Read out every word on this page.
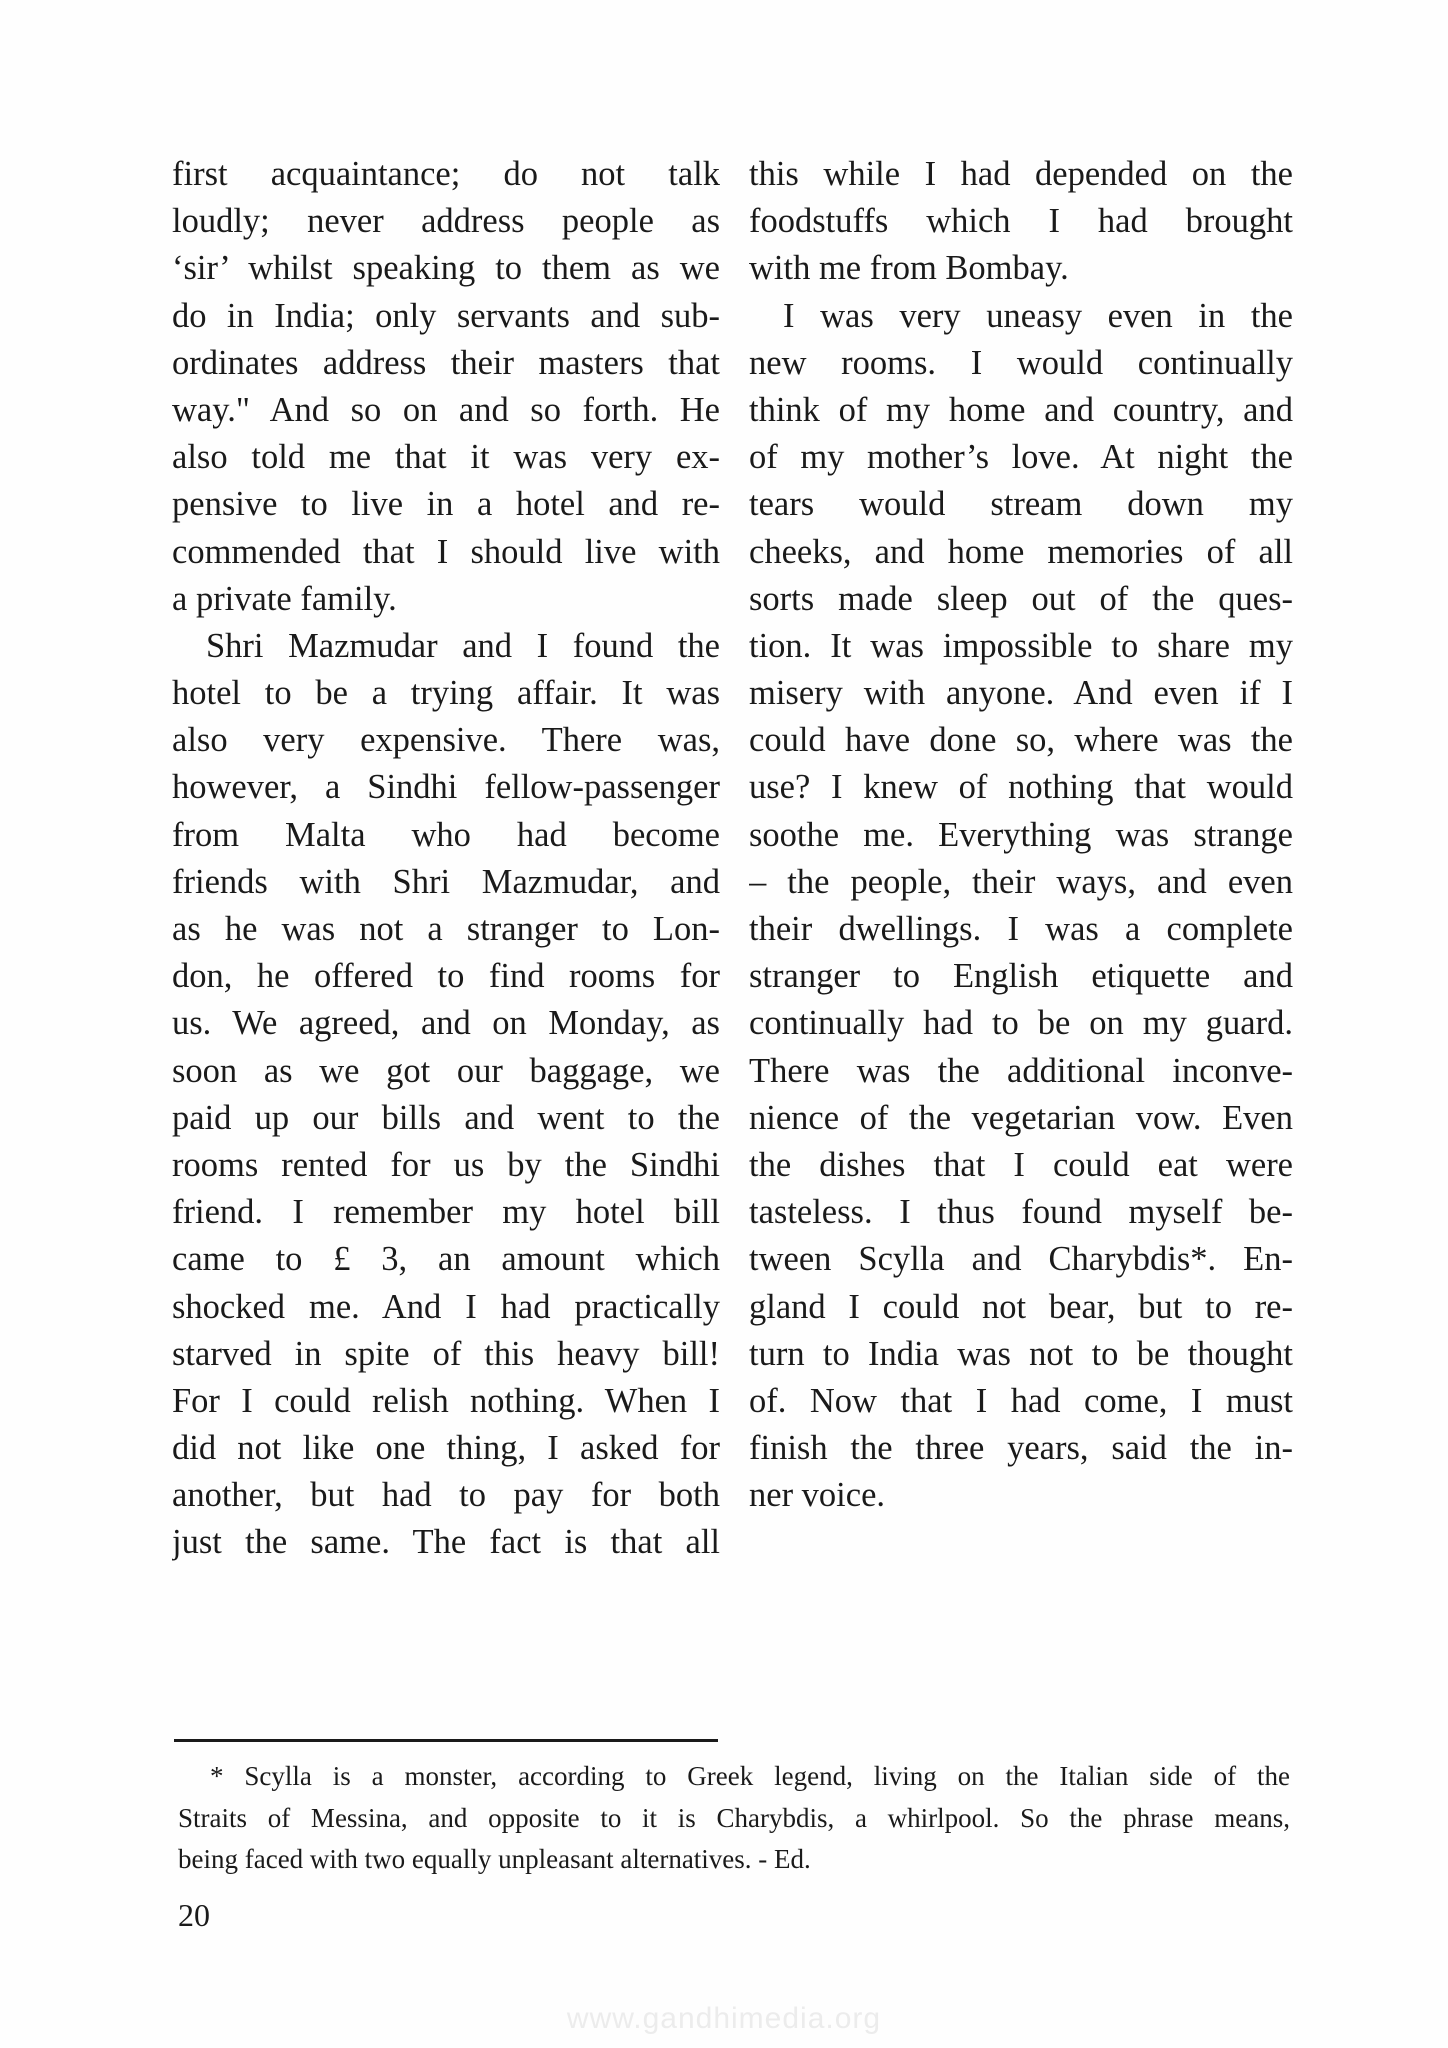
first acquaintance; do not talk
loudly; never address people as
‘sir’ whilst speaking to them as we
do in India; only servants and sub-
ordinates address their masters that
way." And so on and so forth. He
also told me that it was very ex-
pensive to live in a hotel and re-
commended that I should live with
a private family.
Shri Mazmudar and I found the
hotel to be a trying affair. It was
also very expensive. There was,
however, a Sindhi fellow-passenger
from Malta who had become
friends with Shri Mazmudar, and
as he was not a stranger to Lon-
don, he offered to find rooms for
us. We agreed, and on Monday, as
soon as we got our baggage, we
paid up our bills and went to the
rooms rented for us by the Sindhi
friend. I remember my hotel bill
came to £ 3, an amount which
shocked me. And I had practically
starved in spite of this heavy bill!
For I could relish nothing. When I
did not like one thing, I asked for
another, but had to pay for both
just the same. The fact is that all
this while I had depended on the
foodstuffs which I had brought
with me from Bombay.
I was very uneasy even in the
new rooms. I would continually
think of my home and country, and
of my mother’s love. At night the
tears would stream down my
cheeks, and home memories of all
sorts made sleep out of the ques-
tion. It was impossible to share my
misery with anyone. And even if I
could have done so, where was the
use? I knew of nothing that would
soothe me. Everything was strange
– the people, their ways, and even
their dwellings. I was a complete
stranger to English etiquette and
continually had to be on my guard.
There was the additional inconve-
nience of the vegetarian vow. Even
the dishes that I could eat were
tasteless. I thus found myself be-
tween Scylla and Charybdis*. En-
gland I could not bear, but to re-
turn to India was not to be thought
of. Now that I had come, I must
finish the three years, said the in-
ner voice.
* Scylla is a monster, according to Greek legend, living on the Italian side of the
Straits of Messina, and opposite to it is Charybdis, a whirlpool. So the phrase means,
being faced with two equally unpleasant alternatives. - Ed.
20
www.gandhimedia.org
